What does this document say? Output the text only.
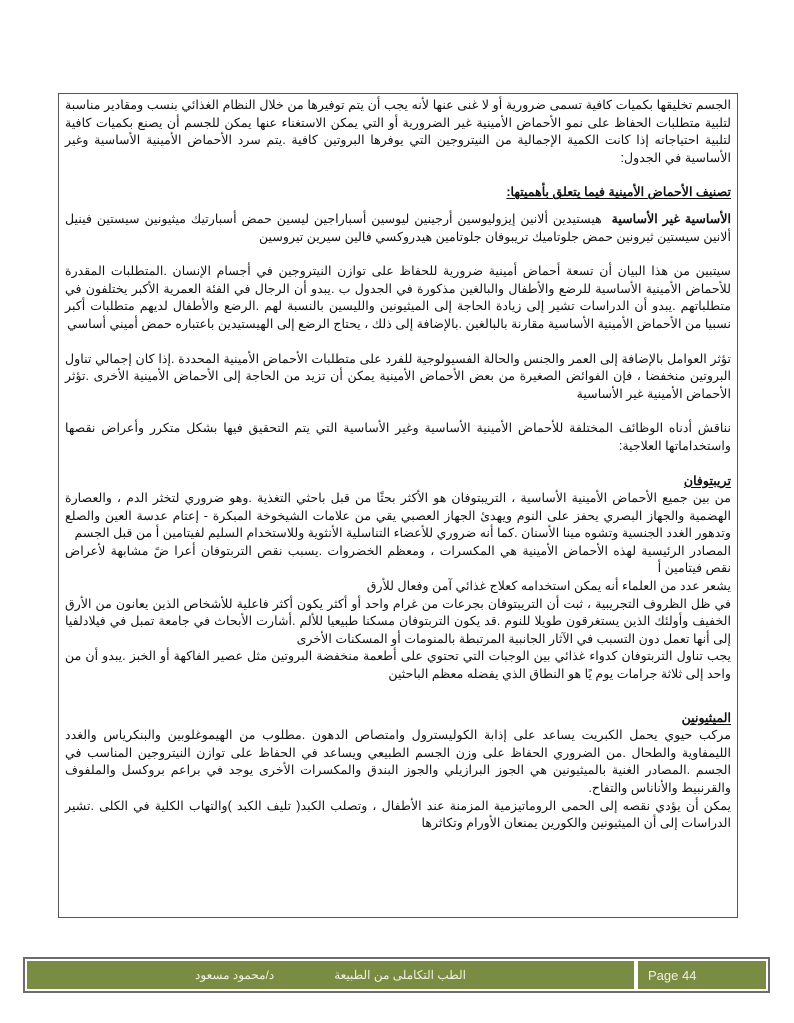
الجسم تخليقها بكميات كافية تسمى ضرورية أو لا غنى عنها لأنه يجب أن يتم توفيرها من خلال النظام الغذائي بنسب ومقادير مناسبة لتلبية متطلبات الحفاظ على نمو الأحماض الأمينية غير الضرورية أو التي يمكن الاستغناء عنها يمكن للجسم أن يصنع بكميات كافية لتلبية احتياجاته إذا كانت الكمية الإجمالية من النيتروجين التي يوفرها البروتين كافية .يتم سرد الأحماض الأمينية الأساسية وغير الأساسية في الجدول:

تصنيف الأحماض الأمينية فيما يتعلق بأهميتها:

الأساسية غير الأساسية  هيستيدين ألانين إيزوليوسين أرجينين ليوسين أسباراجين ليسين حمض أسبارتيك ميثيونين سيستين فينيل ألانين سيستين ثيرونين حمض جلوتاميك تريبوفان جلوتامين هيدروكسي فالين سيرين تيروسين

سيتبين من هذا البيان أن تسعة أحماض أمينية ضرورية للحفاظ على توازن النيتروجين في أجسام الإنسان .المتطلبات المقدرة للأحماض الأمينية الأساسية للرضع والأطفال والبالغين مذكورة في الجدول ب .يبدو أن الرجال في الفئة العمرية الأكبر يختلفون في متطلباتهم .يبدو أن الدراسات تشير إلى زيادة الحاجة إلى الميثيونين والليسين بالنسبة لهم .الرضع والأطفال لديهم متطلبات أكبر نسبيا من الأحماض الأمينية الأساسية مقارنة بالبالغين .بالإضافة إلى ذلك ، يحتاج الرضع إلى الهيستيدين باعتباره حمض أميني أساسي

تؤثر العوامل بالإضافة إلى العمر والجنس والحالة الفسيولوجية للفرد على متطلبات الأحماض الأمينية المحددة .إذا كان إجمالي تناول البروتين منخفضا ، فإن الفوائض الصغيرة من بعض الأحماض الأمينية يمكن أن تزيد من الحاجة إلى الأحماض الأمينية الأخرى .تؤثر الأحماض الأمينية غير الأساسية

نناقش أدناه الوظائف المختلفة للأحماض الأمينية الأساسية وغير الأساسية التي يتم التحقيق فيها بشكل متكرر وأعراض نقصها واستخداماتها العلاجية:

تريبتوفان

من بين جميع الأحماض الأمينية الأساسية ، التريبتوفان هو الأكثر بحثًا من قبل باحثي التغذية .وهو ضروري لتخثر الدم ، والعصارة الهضمية والجهاز البصري يحفز على النوم ويهدئ الجهاز العصبي يقي من علامات الشيخوخة المبكرة - إعتام عدسة العين والصلع وتدهور الغدد الجنسية وتشوه مينا الأسنان .كما أنه ضروري للأعضاء التناسلية الأنثوية وللاستخدام السليم لفيتامين أ من قبل الجسم

المصادر الرئيسية لهذه الأحماض الأمينية هي المكسرات ، ومعظم الخضروات .يسبب نقص التربتوفان أعرا ضً مشابهة لأعراض نقص فيتامين أ

يشعر عدد من العلماء أنه يمكن استخدامه كعلاج غذائي آمن وفعال للأرق

في ظل الظروف التجريبية ، ثبت أن التريبتوفان بجرعات من غرام واحد أو أكثر يكون أكثر فاعلية للأشخاص الذين يعانون من الأرق الخفيف وأولئك الذين يستغرقون طويلا للنوم .قد يكون التربتوفان مسكنا طبيعيا للألم .أشارت الأبحاث في جامعة تمبل في فيلادلفيا إلى أنها تعمل دون التسبب في الآثار الجانبية المرتبطة بالمنومات أو المسكنات الأخرى

يجب تناول التربتوفان كدواء غذائي بين الوجبات التي تحتوي على أطعمة منخفضة البروتين مثل عصير الفاكهة أو الخبز .يبدو أن من واحد إلى ثلاثة جرامات يوم يًا هو النطاق الذي يفضله معظم الباحثين

الميثيونين

مركب حيوي يحمل الكبريت يساعد على إذابة الكوليسترول وامتصاص الدهون .مطلوب من الهيموغلوبين والبنكرياس والغدد الليمفاوية والطحال .من الضروري الحفاظ على وزن الجسم الطبيعي ويساعد في الحفاظ على توازن النيتروجين المناسب في الجسم .المصادر الغنية بالميثيونين هي الجوز البرازيلي والجوز البندق والمكسرات الأخرى يوجد في براعم بروكسل والملفوف والقرنبيط والأناناس والتفاح.

يمكن أن يؤدي نقصه إلى الحمى الروماتيزمية المزمنة عند الأطفال ، وتصلب الكبد( تليف الكبد )والتهاب الكلية في الكلى .تشير الدراسات إلى أن الميثيونين والكورين يمنعان الأورام وتكاثرها

الطب التكاملى من الطبيعة
د/محمود مسعود	Page 44
